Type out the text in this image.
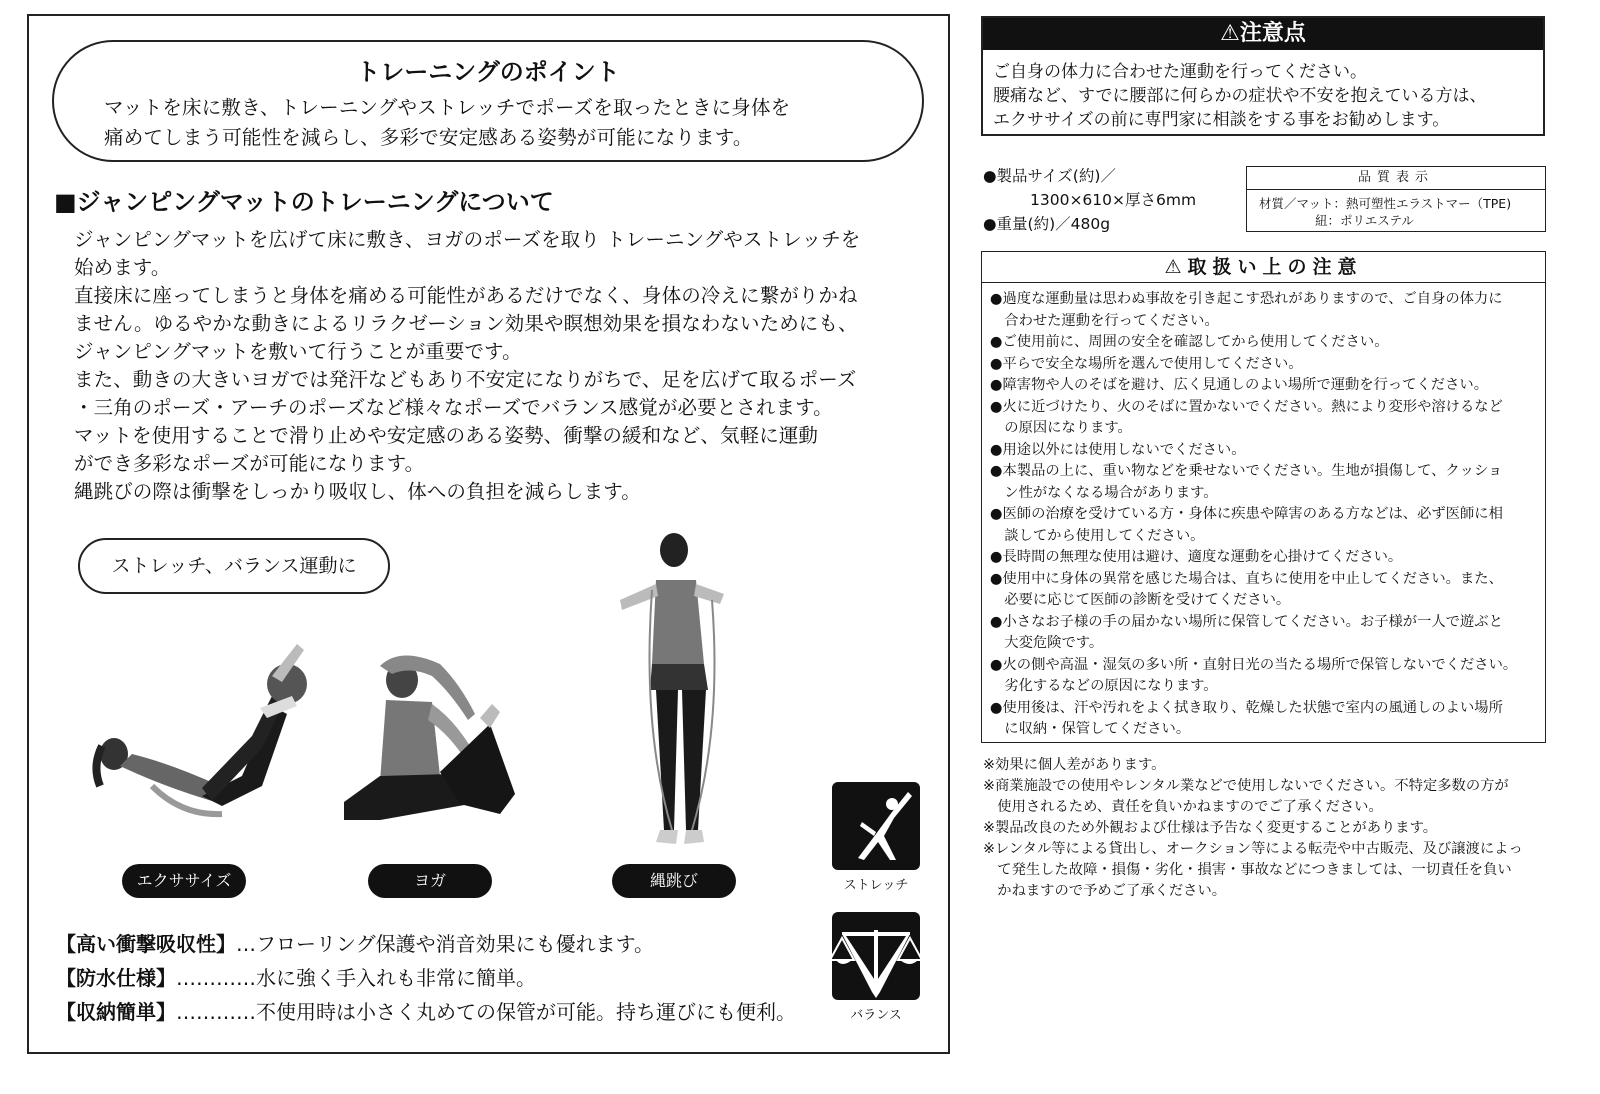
トレーニングのポイント
マットを床に敷き、トレーニングやストレッチでポーズを取ったときに身体を
痛めてしまう可能性を減らし、多彩で安定感ある姿勢が可能になります。
■ジャンピングマットのトレーニングについて
ジャンピングマットを広げて床に敷き、ヨガのポーズを取り トレーニングやストレッチを
始めます。
直接床に座ってしまうと身体を痛める可能性があるだけでなく、身体の冷えに繋がりかね
ません。ゆるやかな動きによるリラクゼーション効果や瞑想効果を損なわないためにも、
ジャンピングマットを敷いて行うことが重要です。
また、動きの大きいヨガでは発汗などもあり不安定になりがちで、足を広げて取るポーズ
・三角のポーズ・アーチのポーズなど様々なポーズでバランス感覚が必要とされます。
マットを使用することで滑り止めや安定感のある姿勢、衝撃の緩和など、気軽に運動
ができ多彩なポーズが可能になります。
縄跳びの際は衝撃をしっかり吸収し、体への負担を減らします。
ストレッチ、バランス運動に
エクササイズ	ヨガ	縄跳び	ストレッチ
バランス
【高い衝撃吸収性】…フローリング保護や消音効果にも優れます。
【防水仕様】…………水に強く手入れも非常に簡単。
【収納簡単】…………不使用時は小さく丸めての保管が可能。持ち運びにも便利。
⚠注意点
ご自身の体力に合わせた運動を行ってください。
腰痛など、すでに腰部に何らかの症状や不安を抱えている方は、
エクササイズの前に専門家に相談をする事をお勧めします。
●製品サイズ(約)／
1300×610×厚さ6mm
●重量(約)／480g
品質表示
材質／マット：熱可塑性エラストマー（TPE)
紐：ポリエステル
⚠取扱い上の注意
●過度な運動量は思わぬ事故を引き起こす恐れがありますので、ご自身の体力に
　合わせた運動を行ってください。
●ご使用前に、周囲の安全を確認してから使用してください。
●平らで安全な場所を選んで使用してください。
●障害物や人のそばを避け、広く見通しのよい場所で運動を行ってください。
●火に近づけたり、火のそばに置かないでください。熱により変形や溶けるなど
　の原因になります。
●用途以外には使用しないでください。
●本製品の上に、重い物などを乗せないでください。生地が損傷して、クッショ
　ン性がなくなる場合があります。
●医師の治療を受けている方・身体に疾患や障害のある方などは、必ず医師に相
　談してから使用してください。
●長時間の無理な使用は避け、適度な運動を心掛けてください。
●使用中に身体の異常を感じた場合は、直ちに使用を中止してください。また、
　必要に応じて医師の診断を受けてください。
●小さなお子様の手の届かない場所に保管してください。お子様が一人で遊ぶと
　大変危険です。
●火の側や高温・湿気の多い所・直射日光の当たる場所で保管しないでください。
　劣化するなどの原因になります。
●使用後は、汗や汚れをよく拭き取り、乾燥した状態で室内の風通しのよい場所
　に収納・保管してください。
※効果に個人差があります。
※商業施設での使用やレンタル業などで使用しないでください。不特定多数の方が
　使用されるため、責任を負いかねますのでご了承ください。
※製品改良のため外観および仕様は予告なく変更することがあります。
※レンタル等による貸出し、オークション等による転売や中古販売、及び譲渡によっ
　て発生した故障・損傷・劣化・損害・事故などにつきましては、一切責任を負い
　かねますので予めご了承ください。
